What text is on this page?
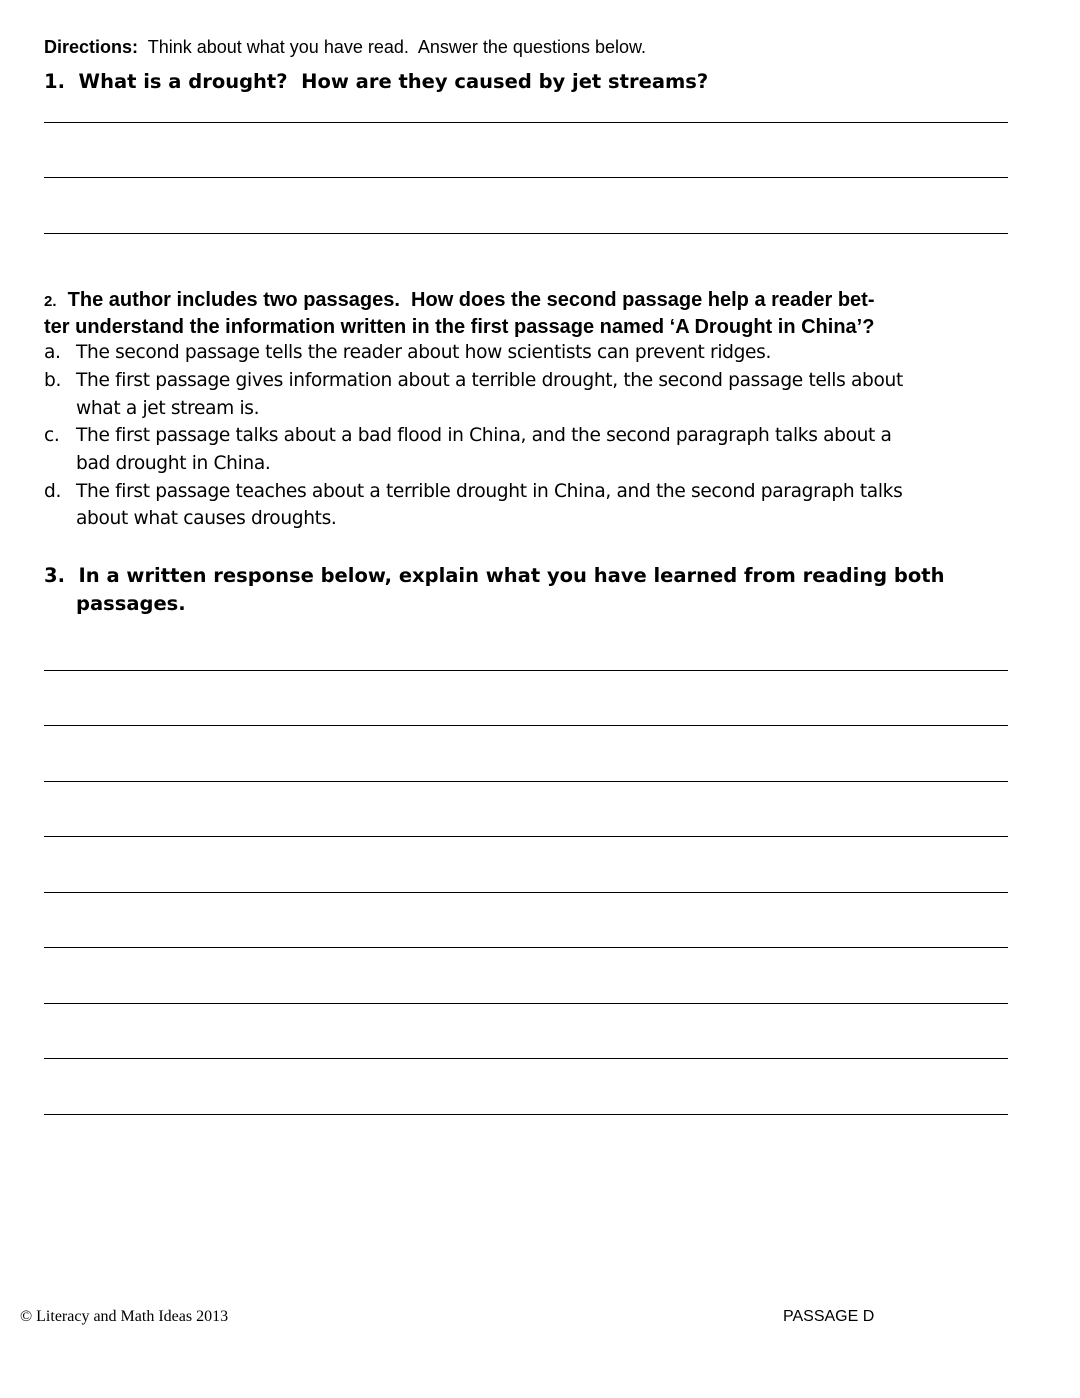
Directions:  Think about what you have read.  Answer the questions below.
1.  What is a drought?  How are they caused by jet streams?
2.  The author includes two passages.  How does the second passage help a reader bet-
ter understand the information written in the first passage named ‘A Drought in China’?
a. The second passage tells the reader about how scientists can prevent ridges.
b. The first passage gives information about a terrible drought, the second passage tells about
what a jet stream is.
c. The first passage talks about a bad flood in China, and the second paragraph talks about a
bad drought in China.
d. The first passage teaches about a terrible drought in China, and the second paragraph talks
about what causes droughts.
3.  In a written response below, explain what you have learned from reading both
passages.
© Literacy and Math Ideas 2013	PASSAGE D
